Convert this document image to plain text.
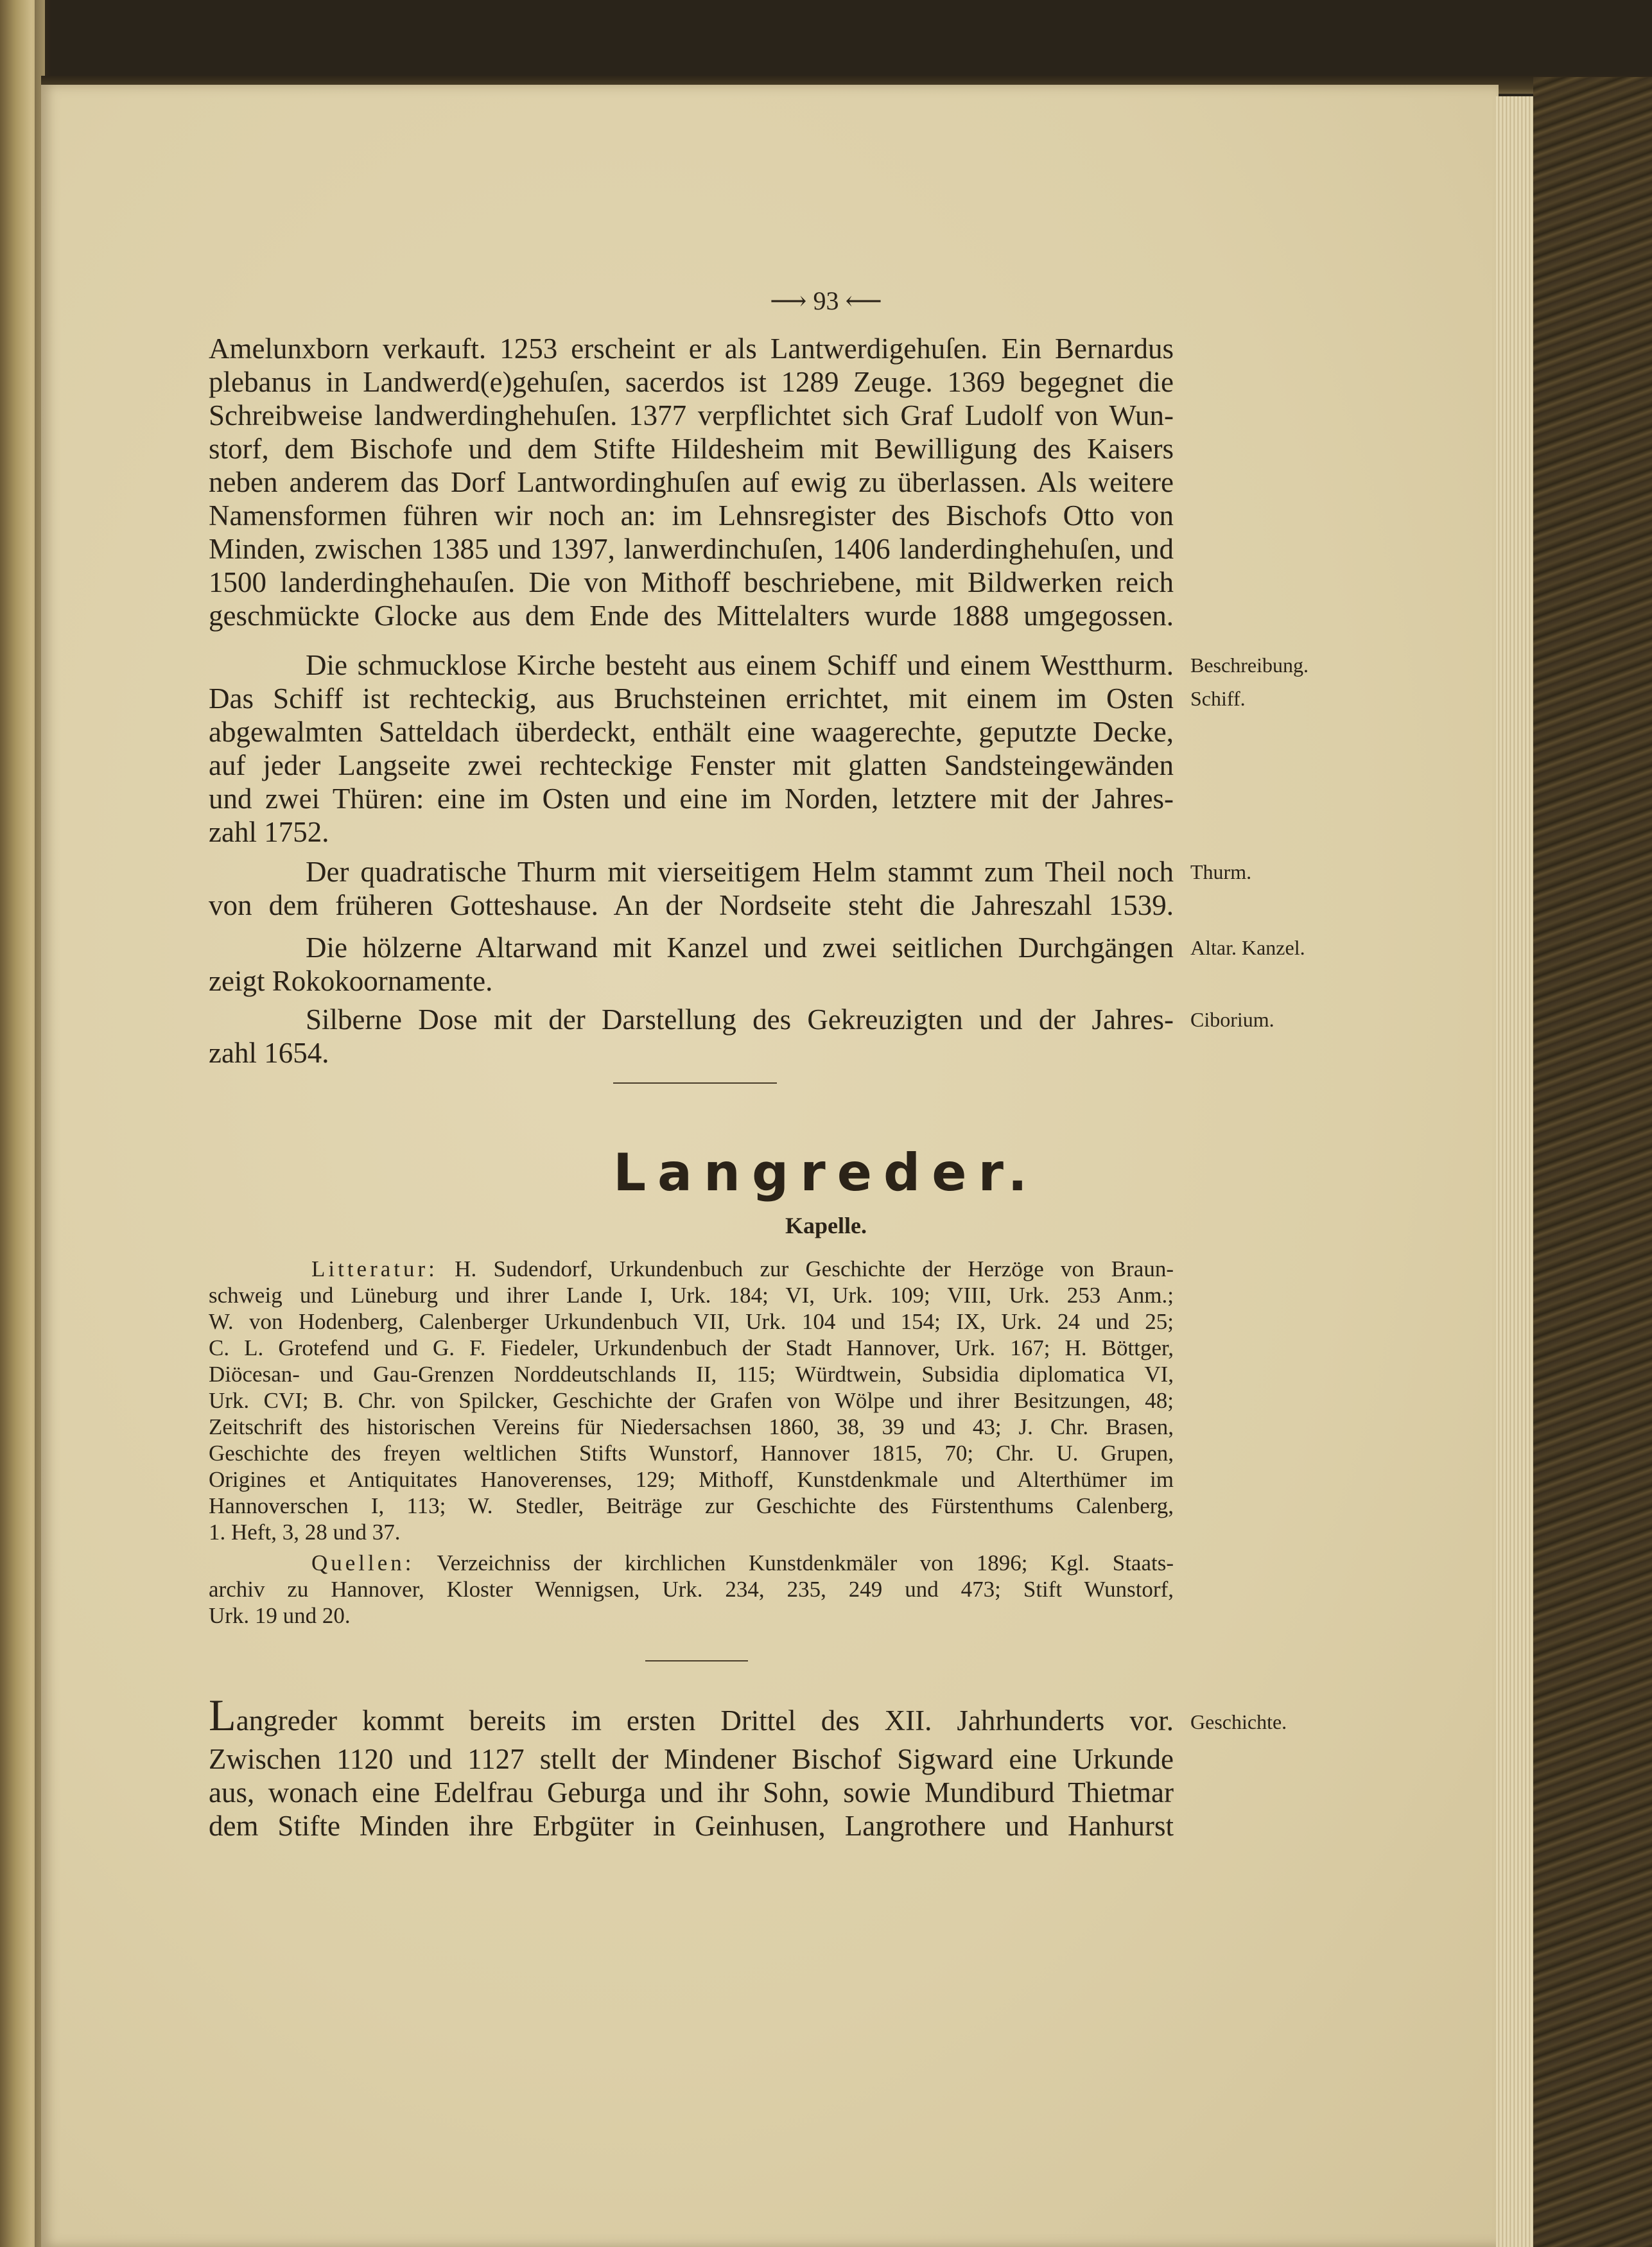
⟶ 93 ⟵
Amelunxborn verkauft. 1253 erscheint er als Lantwerdigehuſen. Ein Bernardus
plebanus in Landwerd(e)gehuſen, sacerdos ist 1289 Zeuge. 1369 begegnet die
Schreibweise landwerdinghehuſen. 1377 verpflichtet sich Graf Ludolf von Wun-
storf, dem Bischofe und dem Stifte Hildesheim mit Bewilligung des Kaisers
neben anderem das Dorf Lantwordinghuſen auf ewig zu überlassen. Als weitere
Namensformen führen wir noch an: im Lehnsregister des Bischofs Otto von
Minden, zwischen 1385 und 1397, lanwerdinchuſen, 1406 landerdinghehuſen, und
1500 landerdinghehauſen. Die von Mithoff beschriebene, mit Bildwerken reich
geschmückte Glocke aus dem Ende des Mittelalters wurde 1888 umgegossen.
Die schmucklose Kirche besteht aus einem Schiff und einem Westthurm.
Das Schiff ist rechteckig, aus Bruchsteinen errichtet, mit einem im Osten
abgewalmten Satteldach überdeckt, enthält eine waagerechte, geputzte Decke,
auf jeder Langseite zwei rechteckige Fenster mit glatten Sandsteingewänden
und zwei Thüren: eine im Osten und eine im Norden, letztere mit der Jahres-
zahl 1752.
Beschreibung.
Schiff.
Der quadratische Thurm mit vierseitigem Helm stammt zum Theil noch
von dem früheren Gotteshause. An der Nordseite steht die Jahreszahl 1539.
Thurm.
Die hölzerne Altarwand mit Kanzel und zwei seitlichen Durchgängen
zeigt Rokokoornamente.
Altar. Kanzel.
Silberne Dose mit der Darstellung des Gekreuzigten und der Jahres-
zahl 1654.
Ciborium.
Langreder.
Kapelle.
Litteratur: H. Sudendorf, Urkundenbuch zur Geschichte der Herzöge von Braun-
schweig und Lüneburg und ihrer Lande I, Urk. 184; VI, Urk. 109; VIII, Urk. 253 Anm.;
W. von Hodenberg, Calenberger Urkundenbuch VII, Urk. 104 und 154; IX, Urk. 24 und 25;
C. L. Grotefend und G. F. Fiedeler, Urkundenbuch der Stadt Hannover, Urk. 167; H. Böttger,
Diöcesan- und Gau-Grenzen Norddeutschlands II, 115; Würdtwein, Subsidia diplomatica VI,
Urk. CVI; B. Chr. von Spilcker, Geschichte der Grafen von Wölpe und ihrer Besitzungen, 48;
Zeitschrift des historischen Vereins für Niedersachsen 1860, 38, 39 und 43; J. Chr. Brasen,
Geschichte des freyen weltlichen Stifts Wunstorf, Hannover 1815, 70; Chr. U. Grupen,
Origines et Antiquitates Hanoverenses, 129; Mithoff, Kunstdenkmale und Alterthümer im
Hannoverschen I, 113; W. Stedler, Beiträge zur Geschichte des Fürstenthums Calenberg,
1. Heft, 3, 28 und 37.
Quellen: Verzeichniss der kirchlichen Kunstdenkmäler von 1896; Kgl. Staats-
archiv zu Hannover, Kloster Wennigsen, Urk. 234, 235, 249 und 473; Stift Wunstorf,
Urk. 19 und 20.
Langreder kommt bereits im ersten Drittel des XII. Jahrhunderts vor.
Zwischen 1120 und 1127 stellt der Mindener Bischof Sigward eine Urkunde
aus, wonach eine Edelfrau Geburga und ihr Sohn, sowie Mundiburd Thietmar
dem Stifte Minden ihre Erbgüter in Geinhusen, Langrothere und Hanhurst
Geschichte.
